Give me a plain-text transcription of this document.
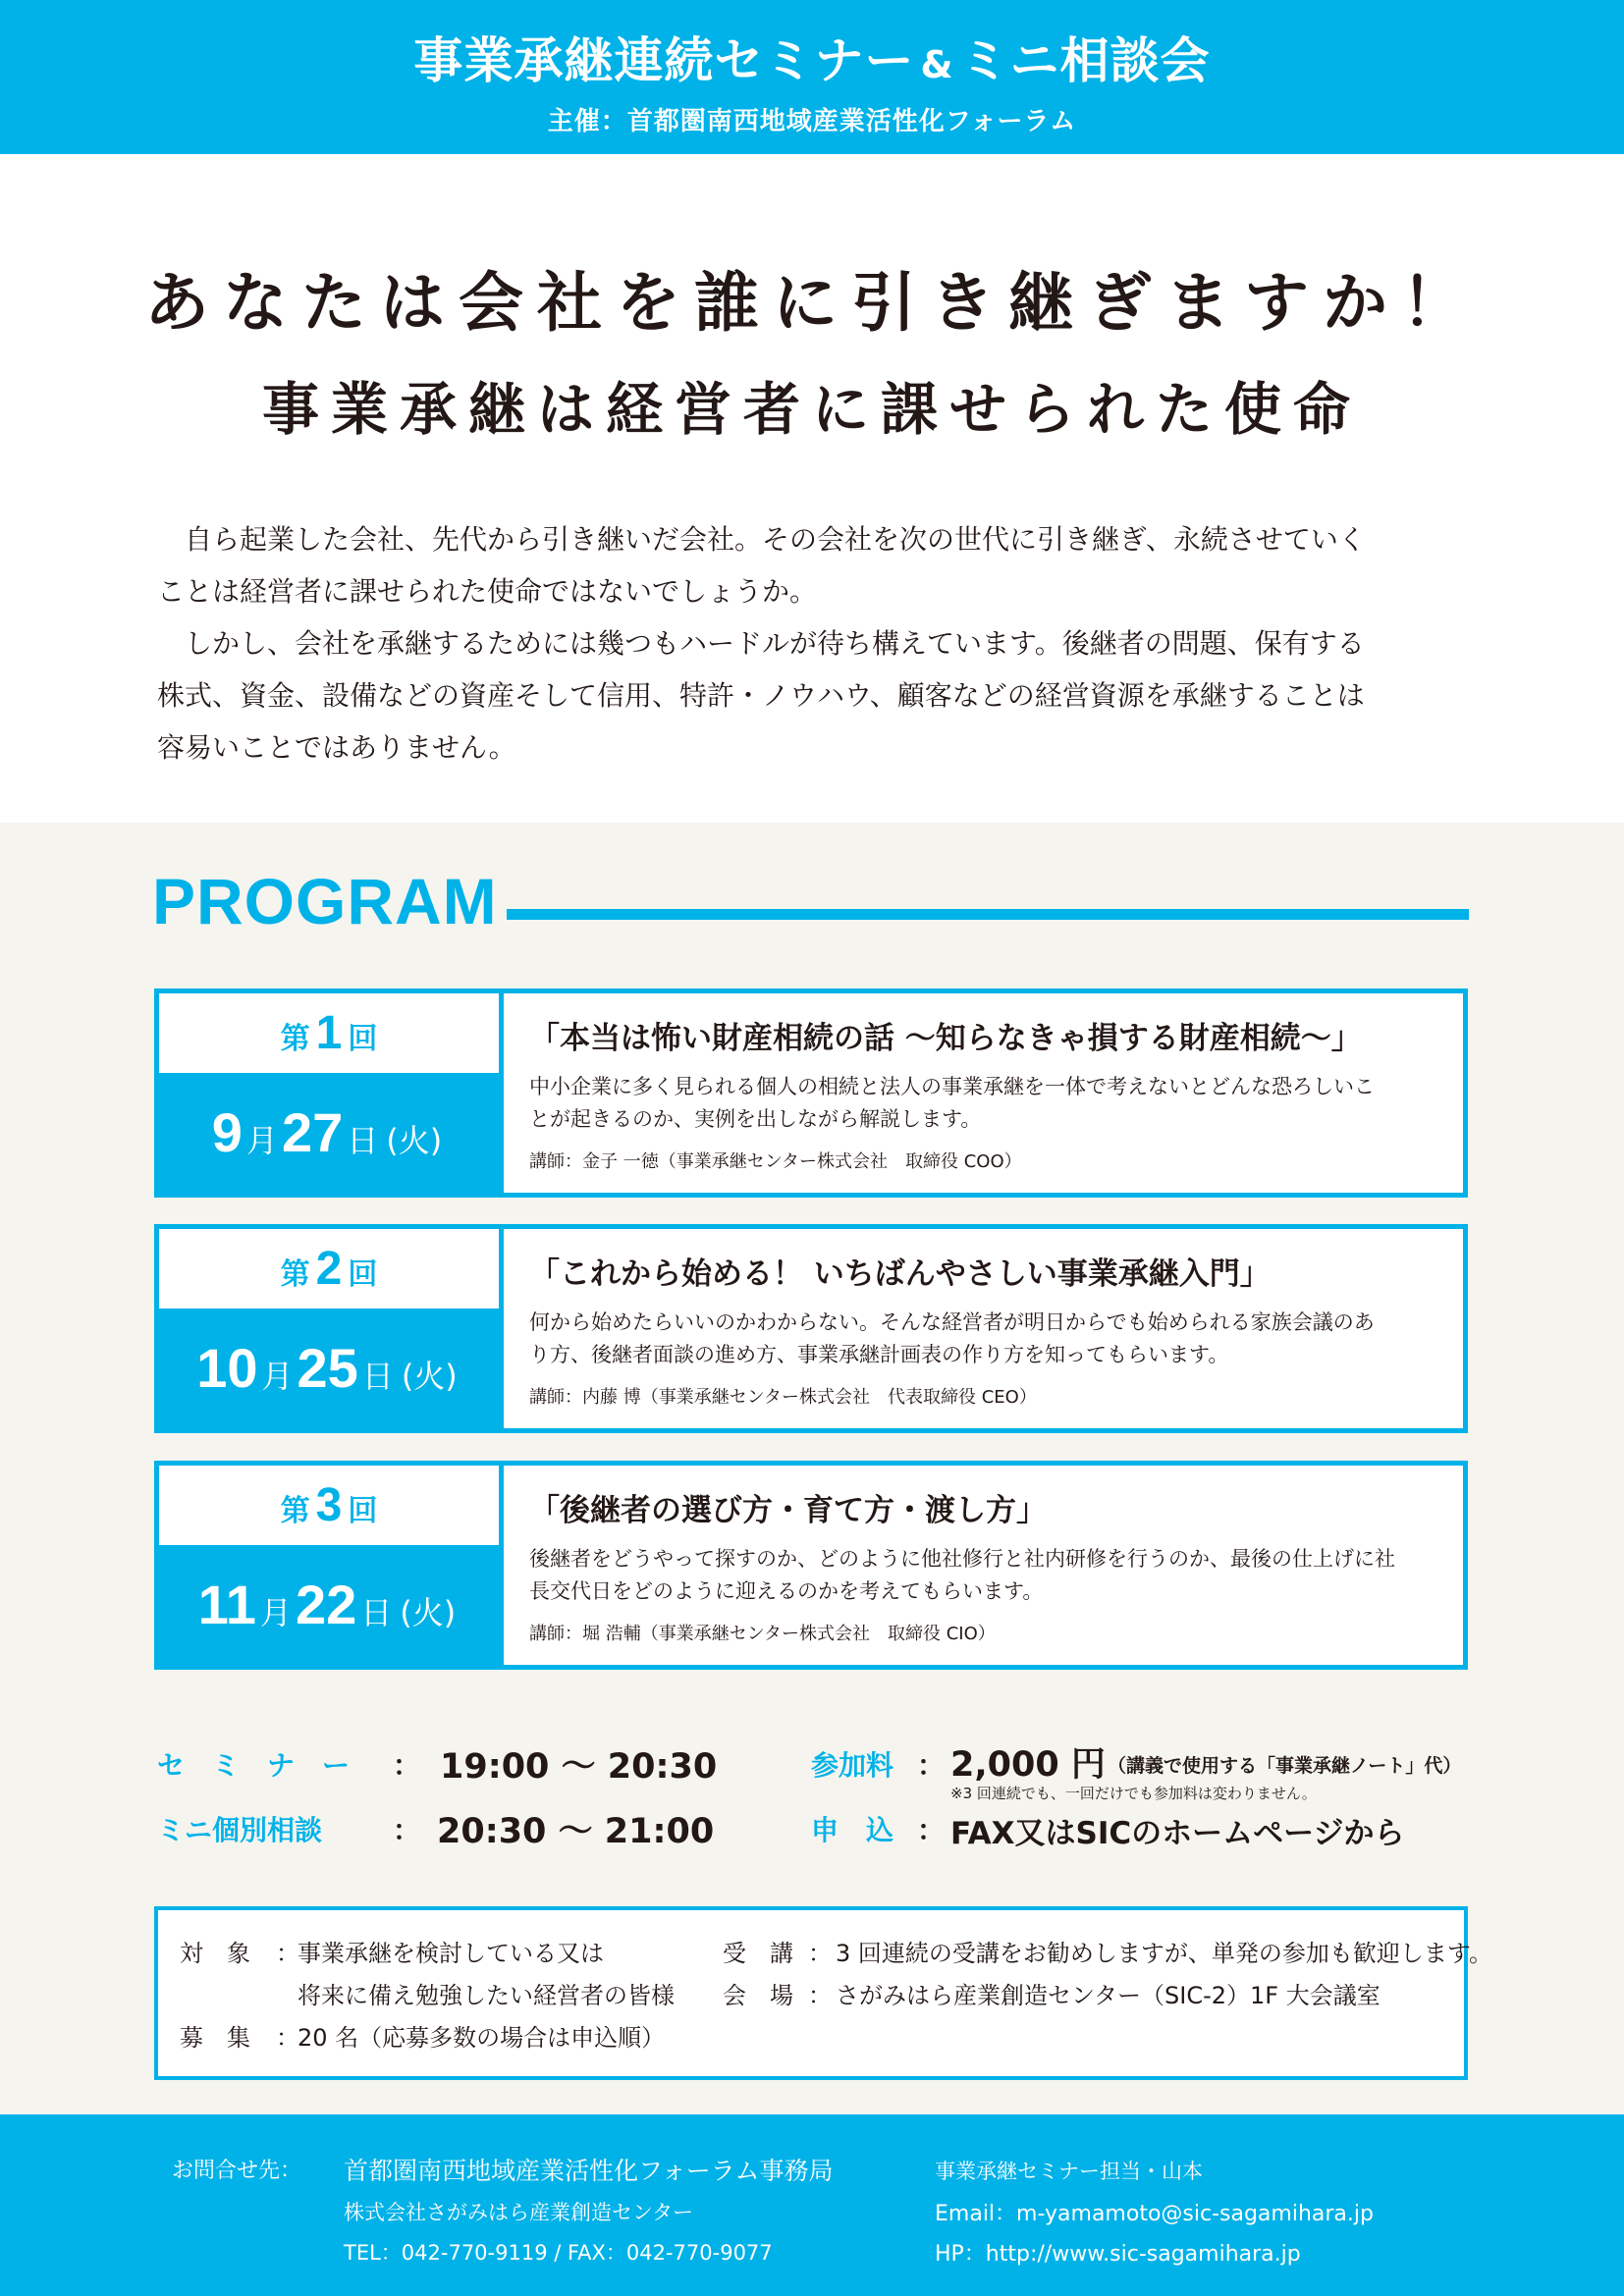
事業承継連続セミナー & ミニ相談会
主催：首都圏南西地域産業活性化フォーラム
あなたは会社を誰に引き継ぎますか！
事業承継は経営者に課せられた使命

　自ら起業した会社、先代から引き継いだ会社。その会社を次の世代に引き継ぎ、永続させていく

ことは経営者に課せられた使命ではないでしょうか。

　しかし、会社を承継するためには幾つもハードルが待ち構えています。後継者の問題、保有する

株式、資金、設備などの資産そして信用、特許・ノウハウ、顧客などの経営資源を承継することは

容易いことではありません。

PROGRAM
第 1 回
9 月27 日 (火)
「本当は怖い財産相続の話 〜知らなきゃ損する財産相続〜」
中小企業に多く見られる個人の相続と法人の事業承継を一体で考えないとどんな恐ろしいこ
とが起きるのか、実例を出しながら解説します。
講師：金子 一徳（事業承継センター株式会社　取締役 COO）
第 2 回
10 月25 日 (火)
「これから始める！ いちばんやさしい事業承継入門」
何から始めたらいいのかわからない。そんな経営者が明日からでも始められる家族会議のあ
り方、後継者面談の進め方、事業承継計画表の作り方を知ってもらいます。
講師：内藤 博（事業承継センター株式会社　代表取締役 CEO）
第 3 回
11 月22 日 (火)
「後継者の選び方・育て方・渡し方」
後継者をどうやって探すのか、どのように他社修行と社内研修を行うのか、最後の仕上げに社
長交代日をどのように迎えるのかを考えてもらいます。
講師：堀 浩輔（事業承継センター株式会社　取締役 CIO）
セ　ミ　ナ　ー ： 19:00 〜 20:30
ミニ個別相談	： 20:30 〜 21:00
参加料 ： 2,000 円 （講義で使用する「事業承継ノート」代）
※3 回連続でも、一回だけでも参加料は変わりません。
申　込 ： FAX又はSICのホームページから
対　象 ：
事業承継を検討している又は
将来に備え勉強したい経営者の皆様
募　集 ：
20 名（応募多数の場合は申込順）
受　講 ： 3 回連続の受講をお勧めしますが、単発の参加も歓迎します。
会　場 ： さがみはら産業創造センター（SIC-2）1F 大会議室
お問合せ先： 首都圏南西地域産業活性化フォーラム事務局
株式会社さがみはら産業創造センター
TEL：042-770-9119 / FAX：042-770-9077
事業承継セミナー担当・山本
Email：m-yamamoto@sic-sagamihara.jp
HP：http://www.sic-sagamihara.jp
